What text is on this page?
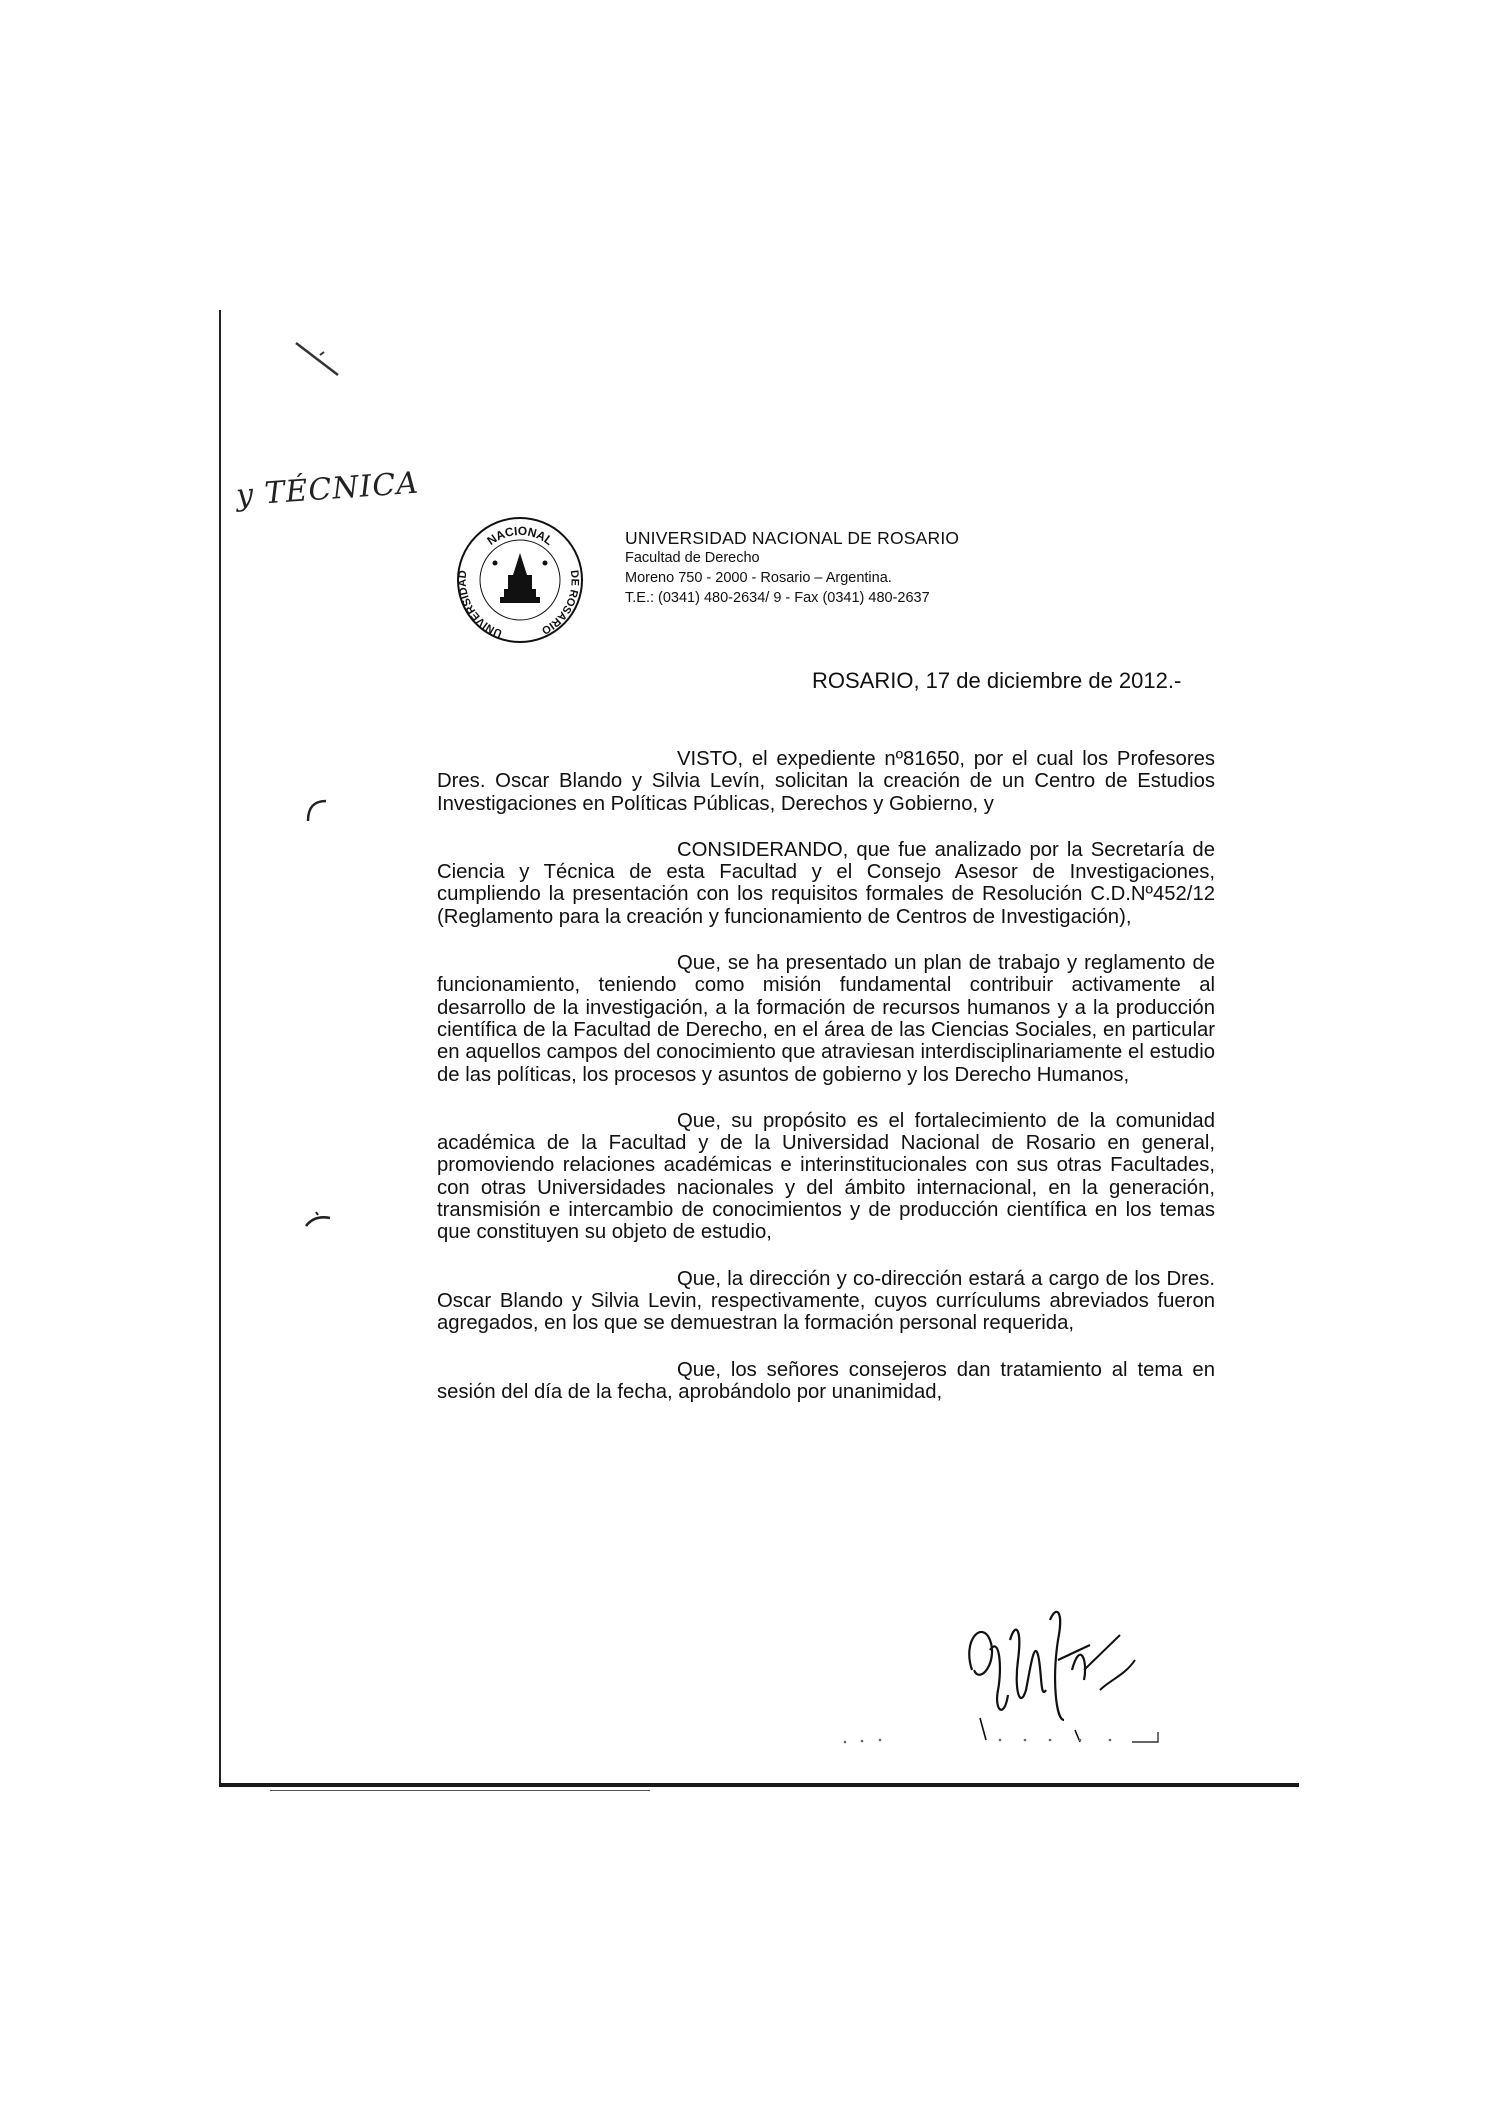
y TÉCNICA
NACIONAL
UNIVERSIDAD	DE ROSARIO
UNIVERSIDAD NACIONAL DE ROSARIO
Facultad de Derecho
Moreno 750 - 2000 - Rosario – Argentina.
T.E.: (0341) 480-2634/ 9 - Fax (0341) 480-2637
ROSARIO, 17 de diciembre de 2012.-

VISTO, el expediente nº81650, por el cual los Profesores Dres. Oscar Blando y Silvia Levín, solicitan la creación de un Centro de Estudios Investigaciones en Políticas Públicas, Derechos y Gobierno, y

CONSIDERANDO, que fue analizado por la Secretaría de Ciencia y Técnica de esta Facultad y el Consejo Asesor de Investigaciones, cumpliendo la presentación con los requisitos formales de Resolución C.D.Nº452/12 (Reglamento para la creación y funcionamiento de Centros de Investigación),

Que, se ha presentado un plan de trabajo y reglamento de funcionamiento, teniendo como misión fundamental contribuir activamente al desarrollo de la investigación, a la formación de recursos humanos y a la producción científica de la Facultad de Derecho, en el área de las Ciencias Sociales, en particular en aquellos campos del conocimiento que atraviesan interdisciplinariamente el estudio de las políticas, los procesos y asuntos de gobierno y los Derecho Humanos,

Que, su propósito es el fortalecimiento de la comunidad académica de la Facultad y de la Universidad Nacional de Rosario en general, promoviendo relaciones académicas e interinstitucionales con sus otras Facultades, con otras Universidades nacionales y del ámbito internacional, en la generación, transmisión e intercambio de conocimientos y de producción científica en los temas que constituyen su objeto de estudio,

Que, la dirección y co-dirección estará a cargo de los Dres. Oscar Blando y Silvia Levin, respectivamente, cuyos currículums abreviados fueron agregados, en los que se demuestran la formación personal requerida,

Que, los señores consejeros dan tratamiento al tema en sesión del día de la fecha, aprobándolo por unanimidad,
